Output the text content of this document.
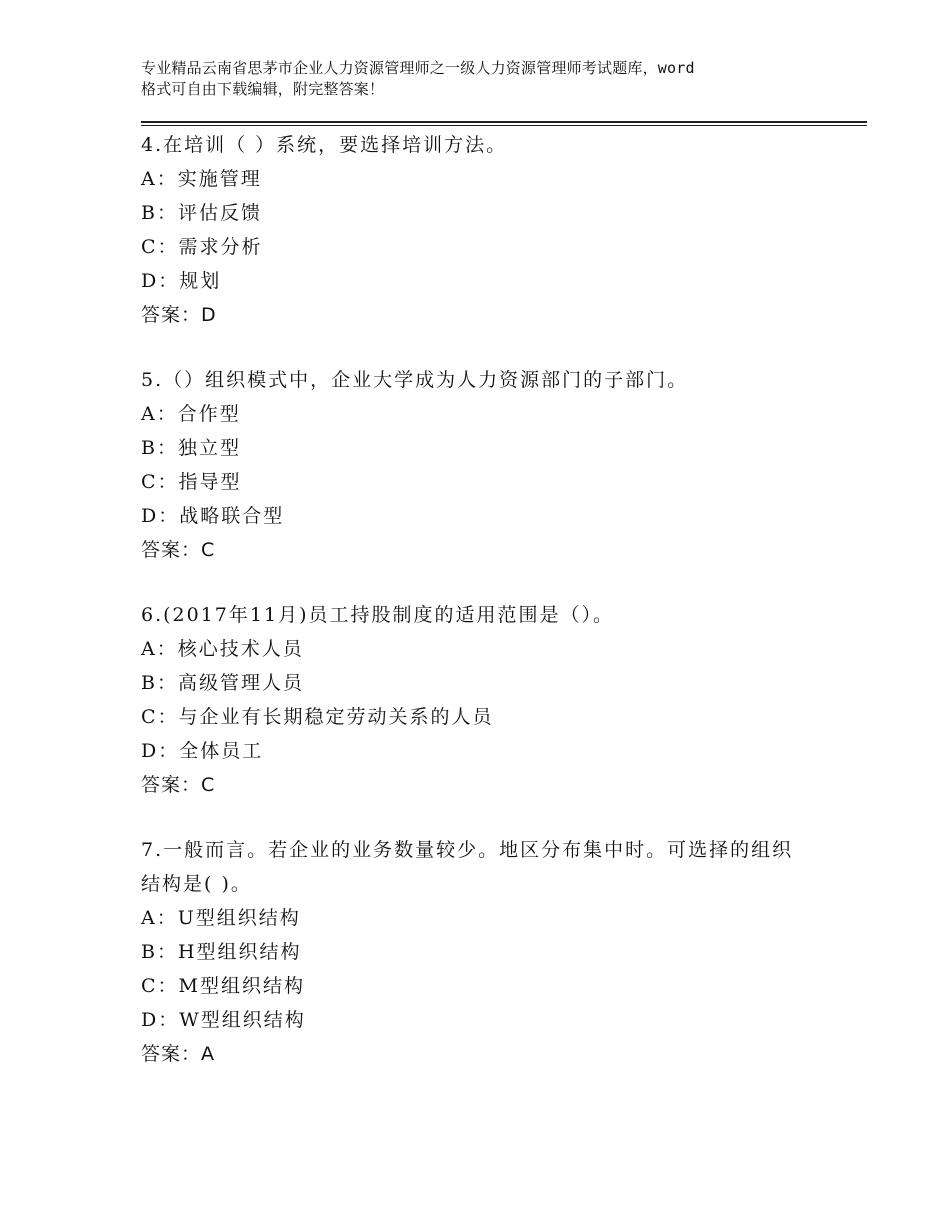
专业精品云南省思茅市企业人力资源管理师之一级人力资源管理师考试题库，word
格式可自由下载编辑，附完整答案！
4.在培训（ ）系统，要选择培训方法。
A：实施管理
B：评估反馈
C：需求分析
D：规划
答案：D
5.（）组织模式中，企业大学成为人力资源部门的子部门。
A：合作型
B：独立型
C：指导型
D：战略联合型
答案：C
6.(2017年11月)员工持股制度的适用范围是（）。
A：核心技术人员
B：高级管理人员
C：与企业有长期稳定劳动关系的人员
D：全体员工
答案：C
7.一般而言。若企业的业务数量较少。地区分布集中时。可选择的组织结构是( )。
A：U型组织结构
B：H型组织结构
C：M型组织结构
D：W型组织结构
答案：A
